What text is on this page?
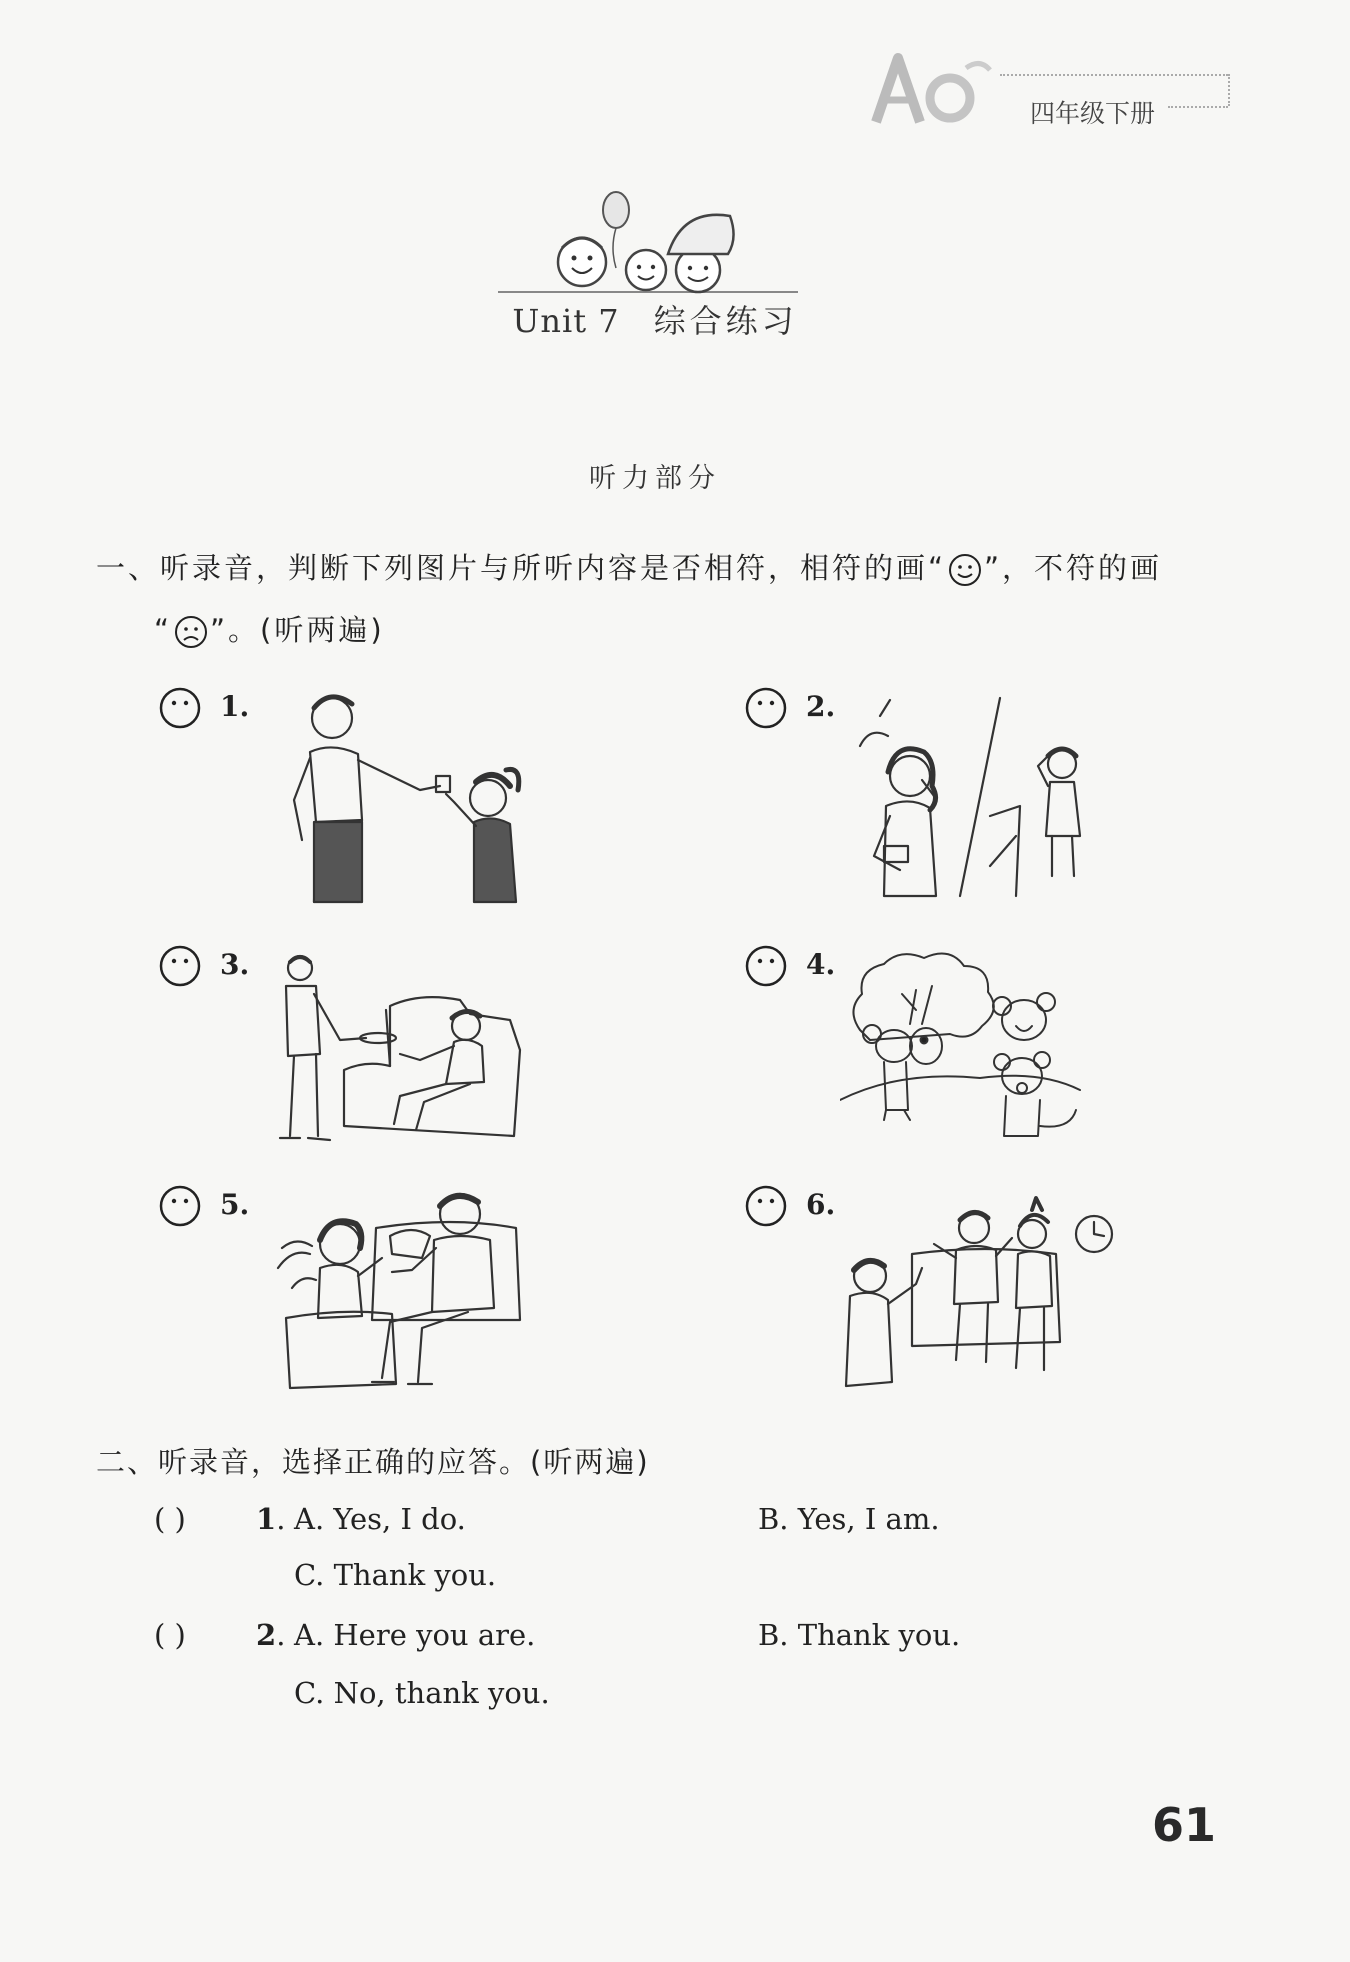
四年级下册
Unit 7 综合练习
听力部分
一、听录音，判断下列图片与所听内容是否相符，相符的画“ ”，不符的画
“ ”。(听两遍)
1.	2.
3.	4.
5.	6.
二、听录音，选择正确的应答。(听两遍)
( ) 1. A. Yes, I do.	B. Yes, I am.
C. Thank you.
( ) 2. A. Here you are.	B. Thank you.
C. No, thank you.
61
